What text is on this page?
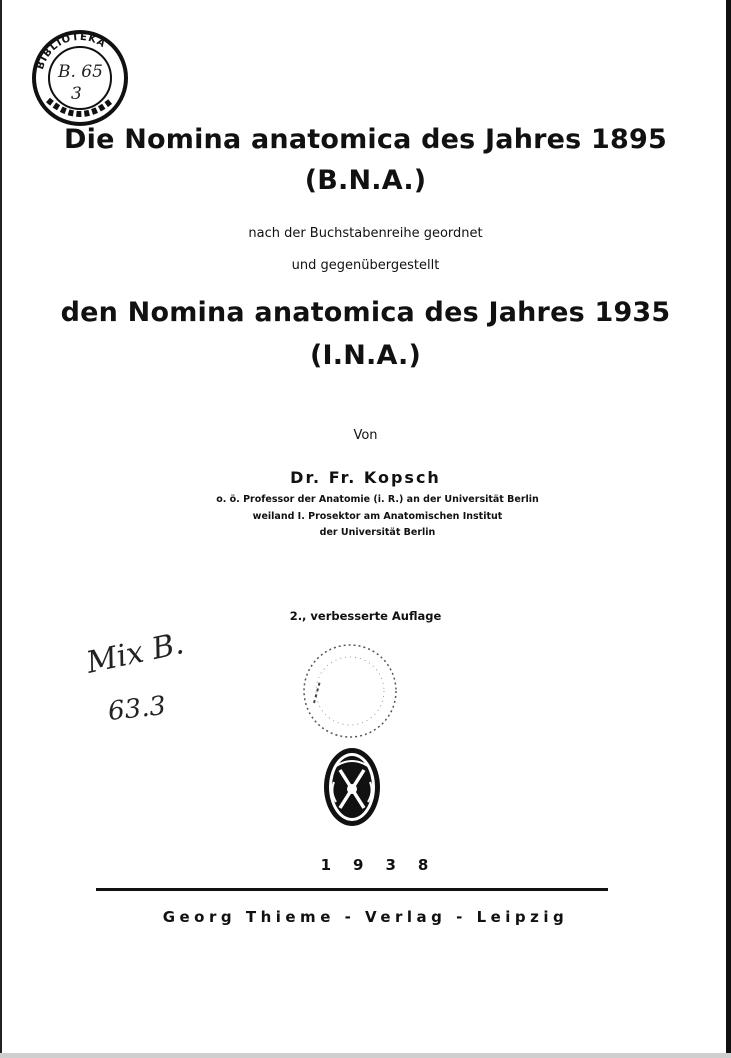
BIBLIOTEKA
B. 65
3
Die Nomina anatomica des Jahres 1895
(B.N.A.)
nach der Buchstabenreihe geordnet
und gegenübergestellt
den Nomina anatomica des Jahres 1935
(I.N.A.)
Von
Dr. Fr. Kopsch
o. ö. Professor der Anatomie (i. R.) an der Universität Berlin
weiland I. Prosektor am Anatomischen Institut
der Universität Berlin
2., verbesserte Auflage
Mix B.
63.3
1938
Georg Thieme - Verlag - Leipzig
